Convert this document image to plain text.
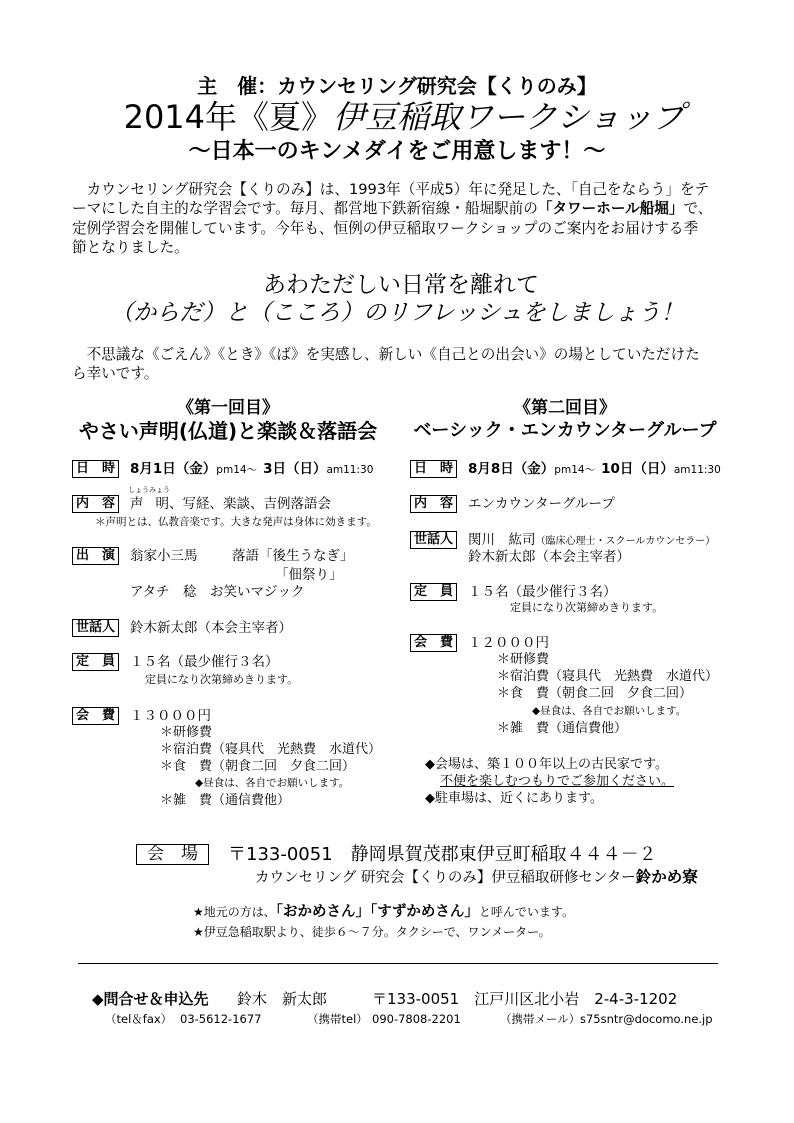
主　催：カウンセリング研究会【くりのみ】
2014年《夏》伊豆稲取ワークショップ
～日本一のキンメダイをご用意します！～
　カウンセリング研究会【くりのみ】は、1993年（平成5）年に発足した、「自己をならう」をテ
ーマにした自主的な学習会です。毎月、都営地下鉄新宿線・船堀駅前の「タワーホール船堀」で、
定例学習会を開催しています。今年も、恒例の伊豆稲取ワークショップのご案内をお届けする季
節となりました。
あわただしい日常を離れて
（からだ）と（こころ）のリフレッシュをしましょう！
　不思議な《ごえん》《とき》《ば》を実感し、新しい《自己との出会い》の場としていただけた
ら幸いです。
《第一回目》
やさい声明(仏道)と楽談＆落語会
日　時 8月1日（金）pm14～ 3日（日）am11:30
内　容
しょうみょう
声明、写経、楽談、吉例落語会
＊声明とは、仏教音楽です。大きな発声は身体に効きます。
出　演 翁家小三馬	落語「後生うなぎ」
「佃祭り」
アタチ　稔 お笑いマジック
世話人 鈴木新太郎（本会主宰者）
定　員 １５名（最少催行３名）
定員になり次第締めきります。
会　費 １３０００円
＊研修費
＊宿泊費（寝具代　光熱費　水道代）
＊食　費（朝食二回　夕食二回）
◆昼食は、各自でお願いします。
＊雑　費（通信費他）
《第二回目》
ベーシック・エンカウンターグループ
日　時 8月8日（金）pm14～ 10日（日）am11:30
内　容 エンカウンターグループ
世話人 関川　紘司（臨床心理士・スクールカウンセラー）
鈴木新太郎（本会主宰者）
定　員 １５名（最少催行３名）
定員になり次第締めきります。
会　費 １２０００円
＊研修費
＊宿泊費（寝具代　光熱費　水道代）
＊食　費（朝食二回　夕食二回）
◆昼食は、各自でお願いします。
＊雑　費（通信費他）
◆会場は、築１００年以上の古民家です。
不便を楽しむつもりでご参加ください。
◆駐車場は、近くにあります。
会　場	〒133-0051　静岡県賀茂郡東伊豆町稲取４４４－２
カウンセリング 研究会【くりのみ】伊豆稲取研修センター鈴かめ寮
★地元の方は、「おかめさん」「すずかめさん」と呼んでいます。
★伊豆急稲取駅より、徒歩６～７分。タクシーで、ワンメーター。
◆問合せ＆申込先 鈴木　新太郎	〒133-0051　江戸川区北小岩　2-4-3-1202
（tel＆fax） 03-5612-1677	（携帯tel） 090-7808-2201	（携帯メール） s75sntr@docomo.ne.jp
